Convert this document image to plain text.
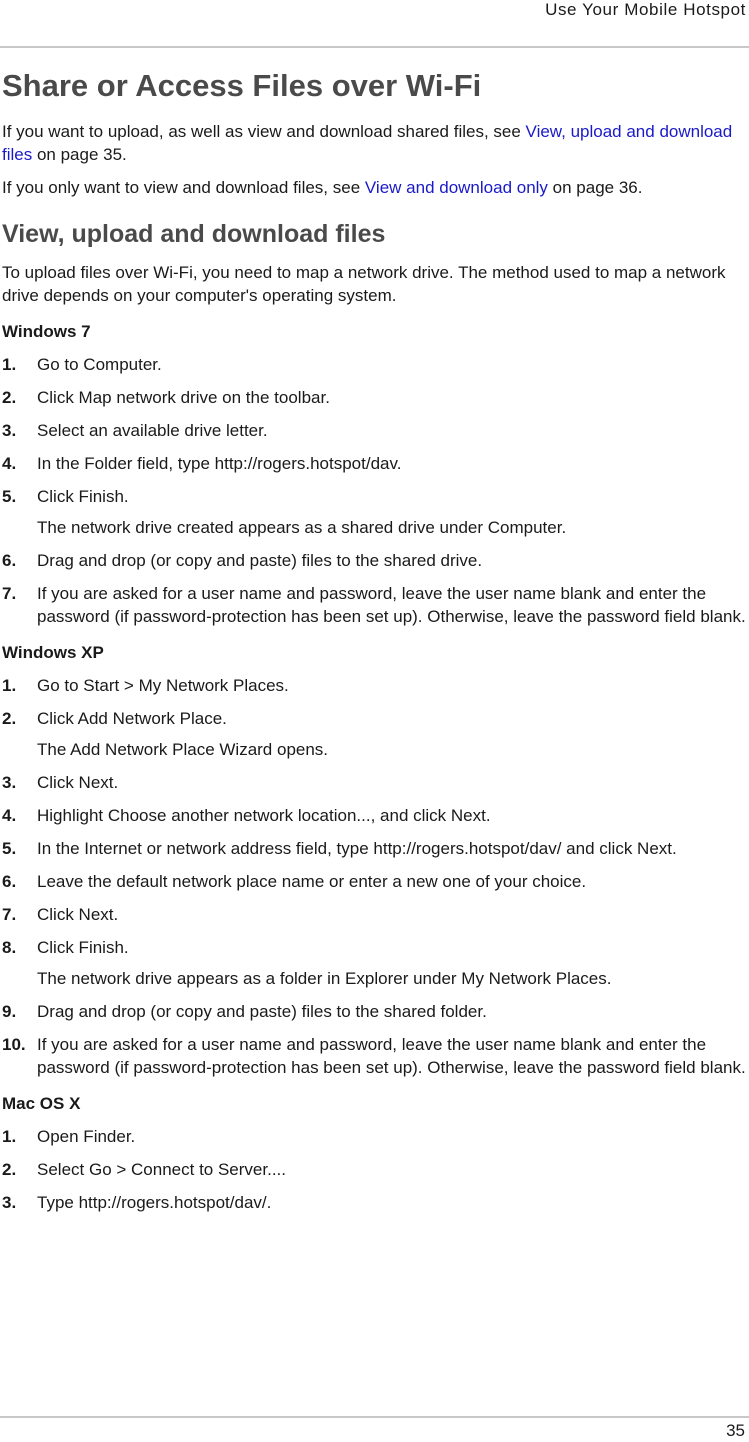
Use Your Mobile Hotspot
Share or Access Files over Wi-Fi

If you want to upload, as well as view and download shared files, see View, upload and download files on page 35.

If you only want to view and download files, see View and download only on page 36.

View, upload and download files

To upload files over Wi-Fi, you need to map a network drive. The method used to map a network drive depends on your computer's operating system.

Windows 7
1.	Go to Computer.
2.	Click Map network drive on the toolbar.
3.	Select an available drive letter.
4.	In the Folder field, type http://rogers.hotspot/dav.
5.	Click Finish.
The network drive created appears as a shared drive under Computer.
6.	Drag and drop (or copy and paste) files to the shared drive.
7.	If you are asked for a user name and password, leave the user name blank and enter the password (if password-protection has been set up). Otherwise, leave the password field blank.
Windows XP
1.	Go to Start > My Network Places.
2.	Click Add Network Place.
The Add Network Place Wizard opens.
3.	Click Next.
4.	Highlight Choose another network location..., and click Next.
5.	In the Internet or network address field, type http://rogers.hotspot/dav/ and click Next.
6.	Leave the default network place name or enter a new one of your choice.
7.	Click Next.
8.	Click Finish.
The network drive appears as a folder in Explorer under My Network Places.
9.	Drag and drop (or copy and paste) files to the shared folder.
10. If you are asked for a user name and password, leave the user name blank and enter the password (if password-protection has been set up). Otherwise, leave the password field blank.
Mac OS X
1.	Open Finder.
2.	Select Go > Connect to Server....
3.	Type http://rogers.hotspot/dav/.
35
